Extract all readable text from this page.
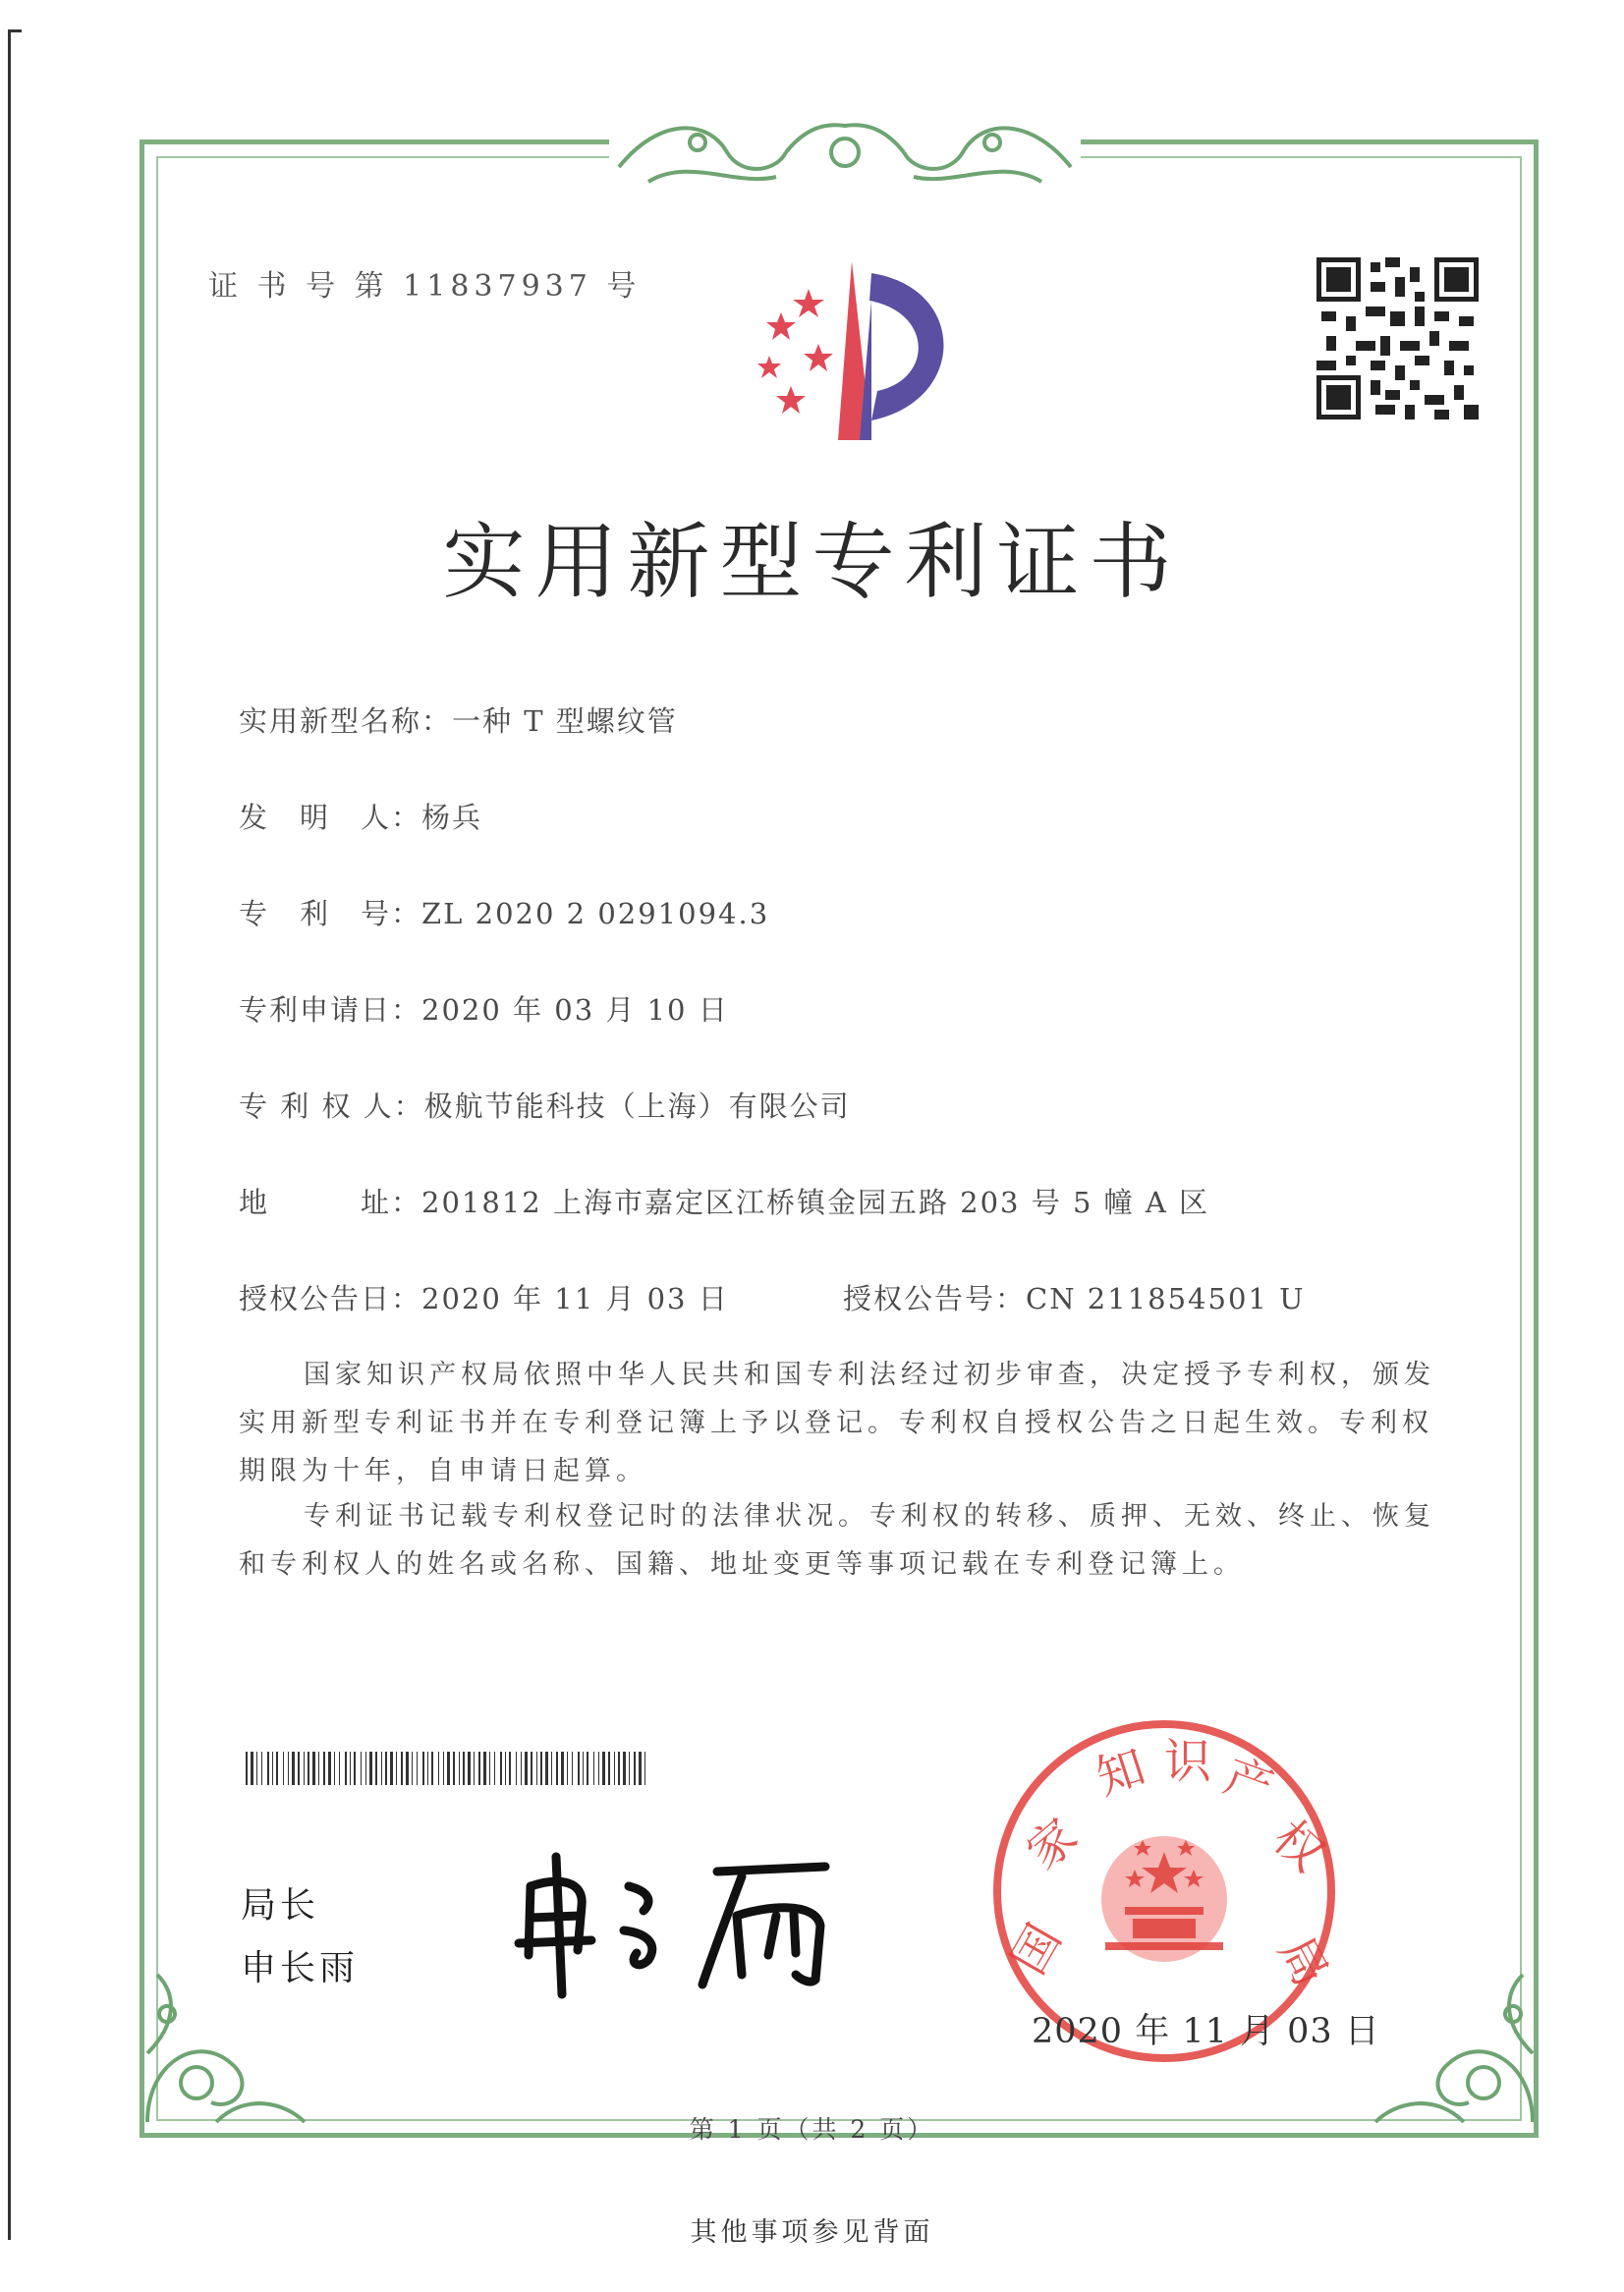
证 书 号 第 11837937 号
实用新型专利证书
实用新型名称：一种 T 型螺纹管
发　明　人：杨兵
专　利　号：ZL 2020 2 0291094.3
专利申请日：2020 年 03 月 10 日
专 利 权 人：极航节能科技（上海）有限公司
地　　　址：201812 上海市嘉定区江桥镇金园五路 203 号 5 幢 A 区
授权公告日：2020 年 11 月 03 日	授权公告号：CN 211854501 U
国家知识产权局依照中华人民共和国专利法经过初步审查，决定授予专利权，颁发实用新型专利证书并在专利登记簿上予以登记。专利权自授权公告之日起生效。专利权期限为十年，自申请日起算。
专利证书记载专利权登记时的法律状况。专利权的转移、质押、无效、终止、恢复和专利权人的姓名或名称、国籍、地址变更等事项记载在专利登记簿上。
局长
申长雨	国
家
知 识 产
权
局
2020 年 11 月 03 日
第 1 页（共 2 页）
其他事项参见背面
